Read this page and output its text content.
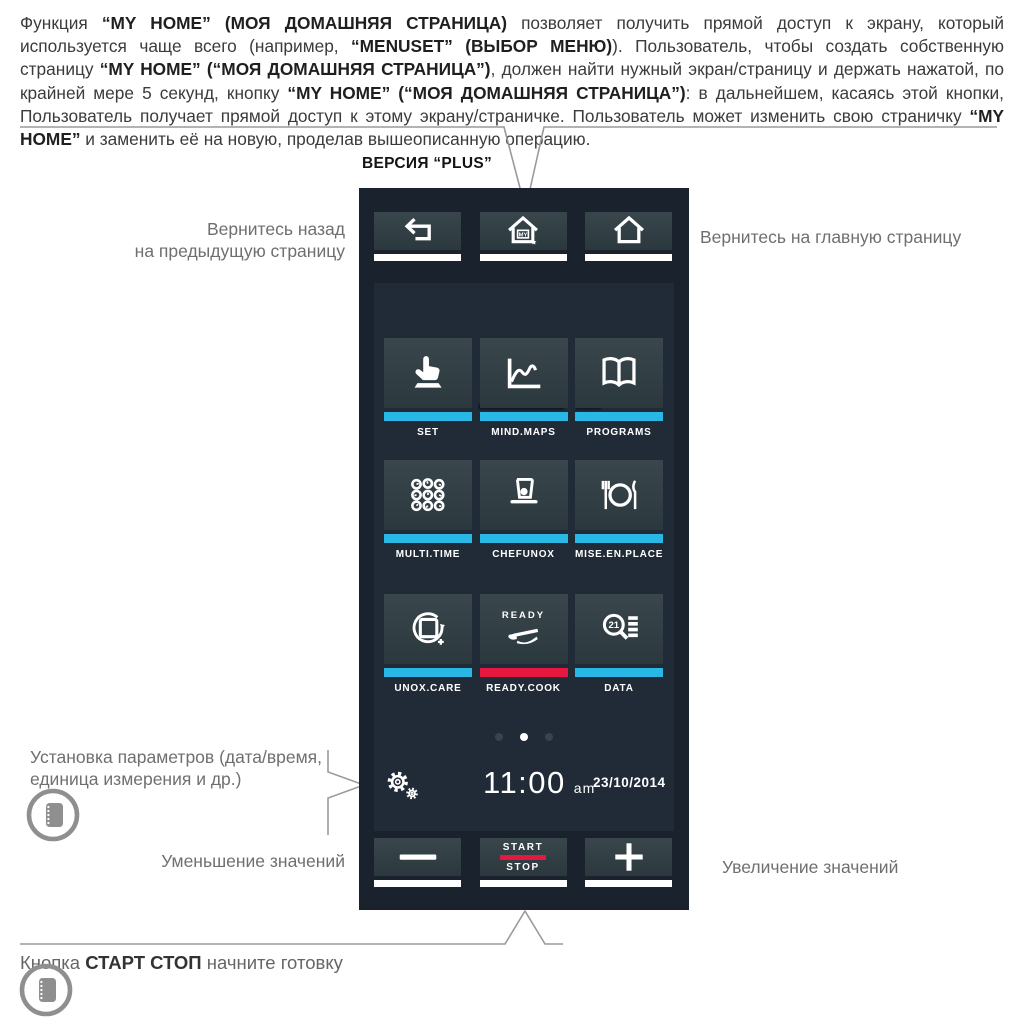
Функция “MY HOME” (МОЯ ДОМАШНЯЯ СТРАНИЦА) позволяет получить прямой доступ к экрану, который используется чаще всего (например, “MENUSET” (ВЫБОР МЕНЮ)). Пользователь, чтобы создать собственную страницу “MY HOME” (“МОЯ ДОМАШНЯЯ СТРАНИЦА”), должен найти нужный экран/страницу и держать нажатой, по крайней мере 5 секунд, кнопку “MY HOME” (“МОЯ ДОМАШНЯЯ СТРАНИЦА”): в дальнейшем, касаясь этой кнопки, Пользователь получает прямой доступ к этому экрану/страничке. Пользователь может изменить свою страничку “MY HOME” и заменить её на новую, проделав вышеописанную операцию.

ВЕРСИЯ “PLUS”
Вернитесь назад
на предыдущую страницу
Вернитесь на главную страницу
Установка параметров (дата/время,
единица измерения и др.)
Уменьшение значений	Увеличение значений
Кнопка СТАРТ СТОП начните готовку
MY
SET	MIND.MAPS	PROGRAMS
MULTI.TIME	CHEFUNOX	MISE.EN.PLACE
UNOX.CARE
READY
READY.COOK
21
DATA
11:00 am
23/10/2014
START
STOP
